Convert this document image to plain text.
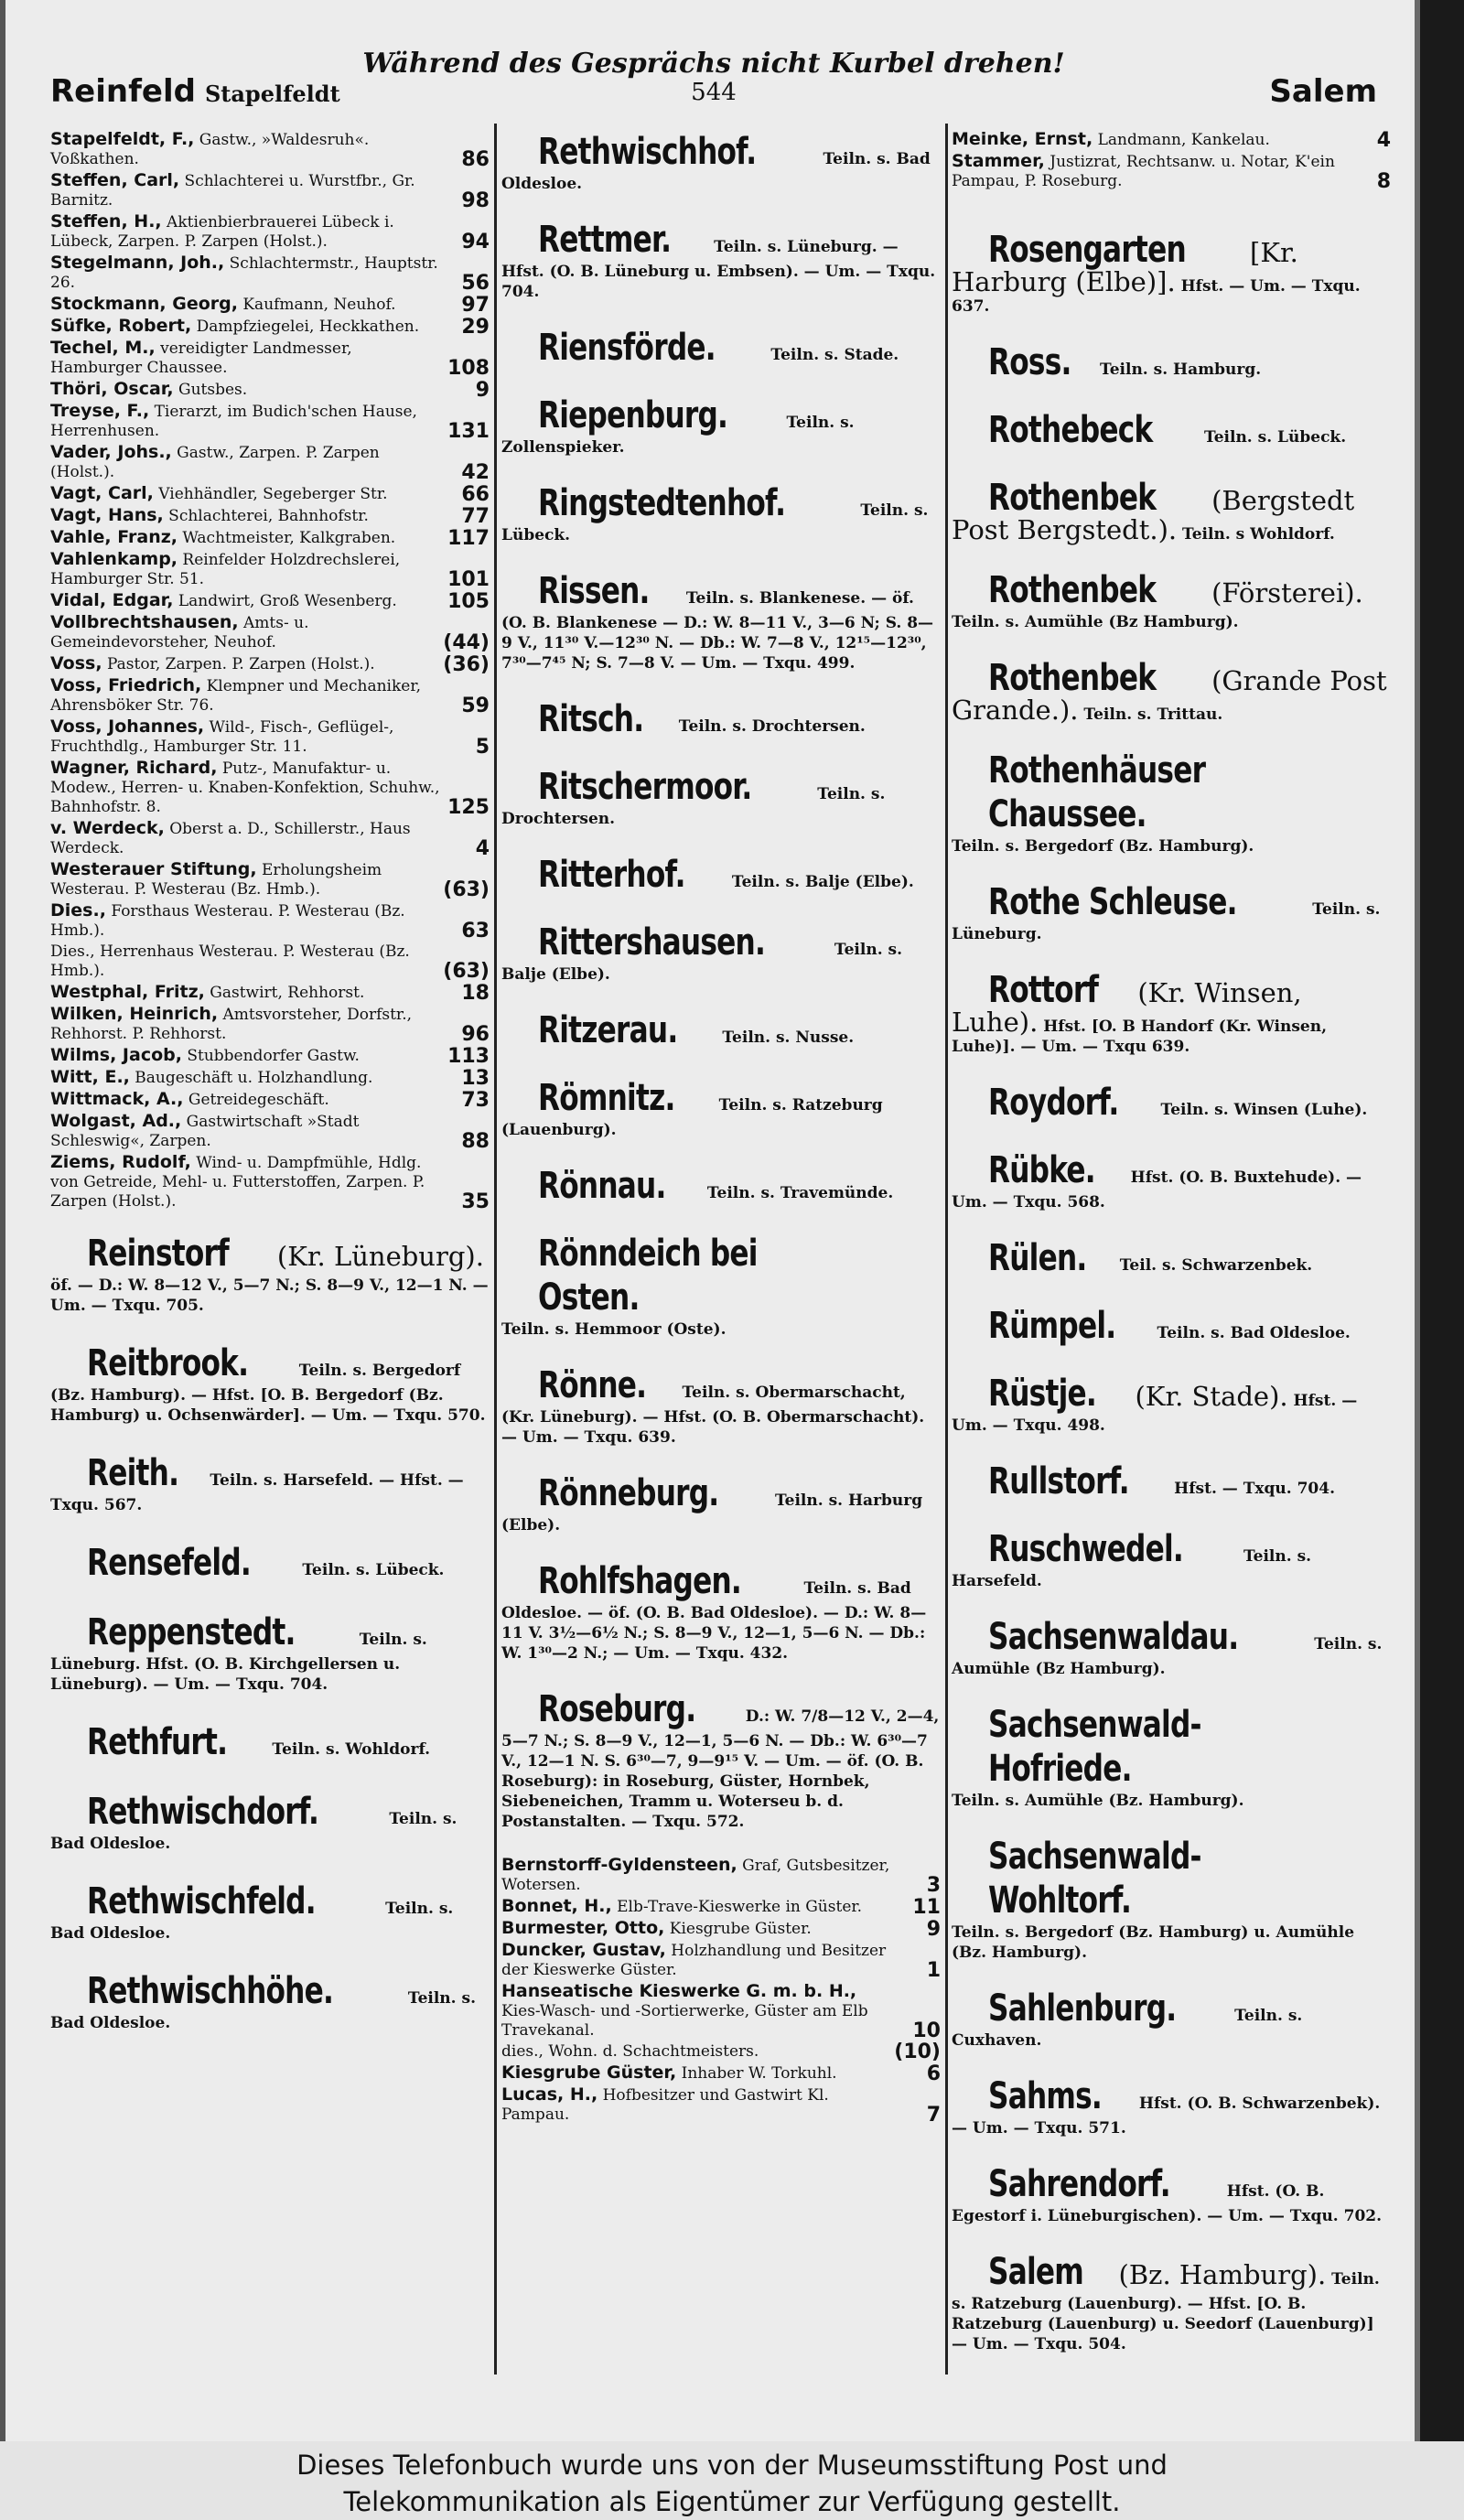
Während des Gesprächs nicht Kurbel drehen!
Reinfeld Stapelfeldt	544	Salem
Stapelfeldt, F., Gastw., »Waldesruh«. Voßkathen.	86
Steffen, Carl, Schlachterei u. Wurstfbr., Gr. Barnitz.	98
Steffen, H., Aktienbierbrauerei Lübeck i. Lübeck, Zarpen. P. Zarpen (Holst.).	94
Stegelmann, Joh., Schlachtermstr., Hauptstr. 26.	56
Stockmann, Georg, Kaufmann, Neuhof.	97
Süfke, Robert, Dampfziegelei, Heckkathen. 29
Techel, M., vereidigter Landmesser, Hamburger Chaussee.	108
Thöri, Oscar, Gutsbes.	9
Treyse, F., Tierarzt, im Budich'schen Hause, Herrenhusen.	131
Vader, Johs., Gastw., Zarpen. P. Zarpen (Holst.).	42
Vagt, Carl, Viehhändler, Segeberger Str.	66
Vagt, Hans, Schlachterei, Bahnhofstr.	77
Vahle, Franz, Wachtmeister, Kalkgraben.	117
Vahlenkamp, Reinfelder Holzdrechslerei, Hamburger Str. 51.	101
Vidal, Edgar, Landwirt, Groß Wesenberg.	105
Vollbrechtshausen, Amts- u. Gemeindevorsteher, Neuhof.	(44)
Voss, Pastor, Zarpen. P. Zarpen (Holst.).	(36)
Voss, Friedrich, Klempner und Mechaniker, Ahrensböker Str. 76.	59
Voss, Johannes, Wild-, Fisch-, Geflügel-, Fruchthdlg., Hamburger Str. 11.	5
Wagner, Richard, Putz-, Manufaktur- u. Modew., Herren- u. Knaben-Konfektion, Schuhw., Bahnhofstr. 8.	125
v. Werdeck, Oberst a. D., Schillerstr., Haus Werdeck.	4
Westerauer Stiftung, Erholungsheim Westerau. P. Westerau (Bz. Hmb.).	(63)
Dies., Forsthaus Westerau. P. Westerau (Bz. Hmb.).	63
Dies., Herrenhaus Westerau. P. Westerau (Bz. Hmb.).	(63)
Westphal, Fritz, Gastwirt, Rehhorst.	18
Wilken, Heinrich, Amtsvorsteher, Dorfstr., Rehhorst. P. Rehhorst.	96
Wilms, Jacob, Stubbendorfer Gastw.	113
Witt, E., Baugeschäft u. Holzhandlung.	13
Wittmack, A., Getreidegeschäft.	73
Wolgast, Ad., Gastwirtschaft »Stadt Schleswig«, Zarpen.	88
Ziems, Rudolf, Wind- u. Dampfmühle, Hdlg. von Getreide, Mehl- u. Futterstoffen, Zarpen. P. Zarpen (Holst.).	35
Reinstorf (Kr. Lüneburg). öf. — D.: W. 8—12 V., 5—7 N.; S. 8—9 V., 12—1 N. — Um. — Txqu. 705.
Reitbrook.	Teiln. s. Bergedorf (Bz. Hamburg). — Hfst. [O. B. Bergedorf (Bz. Hamburg) u. Ochsenwärder]. — Um. — Txqu. 570.
Reith. Teiln. s. Harsefeld. — Hfst. — Txqu. 567.
Rensefeld.	Teiln. s. Lübeck.
Reppenstedt.	Teiln. s. Lüneburg. Hfst. (O. B. Kirchgellersen u. Lüneburg). — Um. — Txqu. 704.
Rethfurt.	Teiln. s. Wohldorf.
Rethwischdorf.	Teiln. s. Bad Oldesloe.
Rethwischfeld.	Teiln. s. Bad Oldesloe.
Rethwischhöhe.	Teiln. s. Bad Oldesloe.
Rethwischhof.	Teiln. s. Bad Oldesloe.
Rettmer. Teiln. s. Lüneburg. — Hfst. (O. B. Lüneburg u. Embsen). — Um. — Txqu. 704.
Riensförde.	Teiln. s. Stade.
Riepenburg.	Teiln. s. Zollenspieker.
Ringstedtenhof.	Teiln. s. Lübeck.
Rissen. Teiln. s. Blankenese. — öf. (O. B. Blankenese — D.: W. 8—11 V., 3—6 N; S. 8—9 V., 11³⁰ V.—12³⁰ N. — Db.: W. 7—8 V., 12¹⁵—12³⁰, 7³⁰—7⁴⁵ N; S. 7—8 V. — Um. — Txqu. 499.
Ritsch. Teiln. s. Drochtersen.
Ritschermoor.	Teiln. s. Drochtersen.
Ritterhof.	Teiln. s. Balje (Elbe).
Rittershausen.	Teiln. s. Balje (Elbe).
Ritzerau.	Teiln. s. Nusse.
Römnitz. Teiln. s. Ratzeburg (Lauenburg).
Rönnau. Teiln. s. Travemünde.
Rönndeich bei Osten. Teiln. s. Hemmoor (Oste).
Rönne. Teiln. s. Obermarschacht, (Kr. Lüneburg). — Hfst. (O. B. Obermarschacht). — Um. — Txqu. 639.
Rönneburg.	Teiln. s. Harburg (Elbe).
Rohlfshagen.	Teiln. s. Bad Oldesloe. — öf. (O. B. Bad Oldesloe). — D.: W. 8—11 V. 3½—6½ N.; S. 8—9 V., 12—1, 5—6 N. — Db.: W. 1³⁰—2 N.; — Um. — Txqu. 432.
Roseburg.	D.: W. 7/8—12 V., 2—4, 5—7 N.; S. 8—9 V., 12—1, 5—6 N. — Db.: W. 6³⁰—7 V., 12—1 N. S. 6³⁰—7, 9—9¹⁵ V. — Um. — öf. (O. B. Roseburg): in Roseburg, Güster, Hornbek, Siebeneichen, Tramm u. Woterseu b. d. Postanstalten. — Txqu. 572.
Bernstorff-Gyldensteen, Graf, Gutsbesitzer, Wotersen.	3
Bonnet, H., Elb-Trave-Kieswerke in Güster.	11
Burmester, Otto, Kiesgrube Güster.	9
Duncker, Gustav, Holzhandlung und Besitzer der Kieswerke Güster.	1
Hanseatische Kieswerke G. m. b. H., Kies-Wasch- und -Sortierwerke, Güster am Elb Travekanal.	10
dies., Wohn. d. Schachtmeisters.	(10)
Kiesgrube Güster, Inhaber W. Torkuhl.	6
Lucas, H., Hofbesitzer und Gastwirt Kl. Pampau.	7
Meinke, Ernst, Landmann, Kankelau.	4
Stammer, Justizrat, Rechtsanw. u. Notar, K'ein Pampau, P. Roseburg.	8
Rosengarten [Kr. Harburg (Elbe)]. Hfst. — Um. — Txqu. 637.
Ross. Teiln. s. Hamburg.
Rothebeck	Teiln. s. Lübeck.
Rothenbek (Bergstedt Post Bergstedt.). Teiln. s Wohldorf.
Rothenbek (Försterei). Teiln. s. Aumühle (Bz Hamburg).
Rothenbek (Grande Post Grande.). Teiln. s. Trittau.
Rothenhäuser Chaussee. Teiln. s. Bergedorf (Bz. Hamburg).
Rothe Schleuse.	Teiln. s. Lüneburg.
Rottorf (Kr. Winsen, Luhe). Hfst. [O. B Handorf (Kr. Winsen, Luhe)]. — Um. — Txqu 639.
Roydorf. Teiln. s. Winsen (Luhe).
Rübke. Hfst. (O. B. Buxtehude). — Um. — Txqu. 568.
Rülen. Teil. s. Schwarzenbek.
Rümpel. Teiln. s. Bad Oldesloe.
Rüstje. (Kr. Stade). Hfst. — Um. — Txqu. 498.
Rullstorf.	Hfst. — Txqu. 704.
Ruschwedel.	Teiln. s. Harsefeld.
Sachsenwaldau.	Teiln. s. Aumühle (Bz Hamburg).
Sachsenwald-Hofriede. Teiln. s. Aumühle (Bz. Hamburg).
Sachsenwald-Wohltorf. Teiln. s. Bergedorf (Bz. Hamburg) u. Aumühle (Bz. Hamburg).
Sahlenburg.	Teiln. s. Cuxhaven.
Sahms. Hfst. (O. B. Schwarzenbek). — Um. — Txqu. 571.
Sahrendorf.	Hfst. (O. B. Egestorf i. Lüneburgischen). — Um. — Txqu. 702.
Salem (Bz. Hamburg). Teiln. s. Ratzeburg (Lauenburg). — Hfst. [O. B. Ratzeburg (Lauenburg) u. Seedorf (Lauenburg)] — Um. — Txqu. 504.
Dieses Telefonbuch wurde uns von der Museumsstiftung Post und
Telekommunikation als Eigentümer zur Verfügung gestellt.
